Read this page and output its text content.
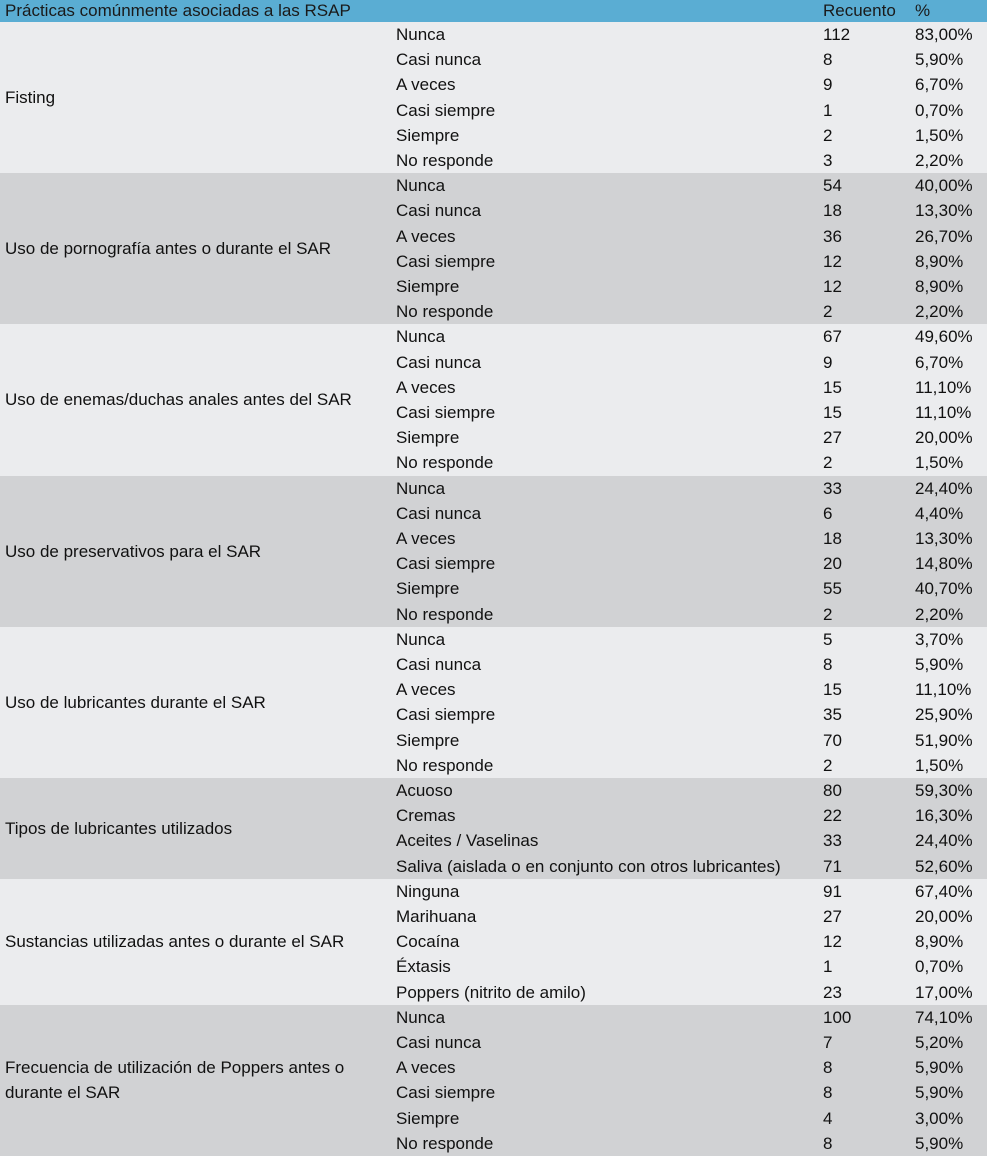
Prácticas comúnmente asociadas a las RSAP	Recuento %
Fisting
Nunca	112	83,00%
Casi nunca	8	5,90%
A veces	9	6,70%
Casi siempre	1	0,70%
Siempre	2	1,50%
No responde	3	2,20%
Uso de pornografía antes o durante el SAR
Nunca	54	40,00%
Casi nunca	18	13,30%
A veces	36	26,70%
Casi siempre	12	8,90%
Siempre	12	8,90%
No responde	2	2,20%
Uso de enemas/duchas anales antes del SAR
Nunca	67	49,60%
Casi nunca	9	6,70%
A veces	15	11,10%
Casi siempre	15	11,10%
Siempre	27	20,00%
No responde	2	1,50%
Uso de preservativos para el SAR
Nunca	33	24,40%
Casi nunca	6	4,40%
A veces	18	13,30%
Casi siempre	20	14,80%
Siempre	55	40,70%
No responde	2	2,20%
Uso de lubricantes durante el SAR
Nunca	5	3,70%
Casi nunca	8	5,90%
A veces	15	11,10%
Casi siempre	35	25,90%
Siempre	70	51,90%
No responde	2	1,50%
Tipos de lubricantes utilizados
Acuoso	80	59,30%
Cremas	22	16,30%
Aceites / Vaselinas	33	24,40%
Saliva (aislada o en conjunto con otros lubricantes) 71	52,60%
Sustancias utilizadas antes o durante el SAR
Ninguna	91	67,40%
Marihuana	27	20,00%
Cocaína	12	8,90%
Éxtasis	1	0,70%
Poppers (nitrito de amilo)	23	17,00%
Frecuencia de utilización de Poppers antes o durante el SAR
Nunca	100	74,10%
Casi nunca	7	5,20%
A veces	8	5,90%
Casi siempre	8	5,90%
Siempre	4	3,00%
No responde	8	5,90%
